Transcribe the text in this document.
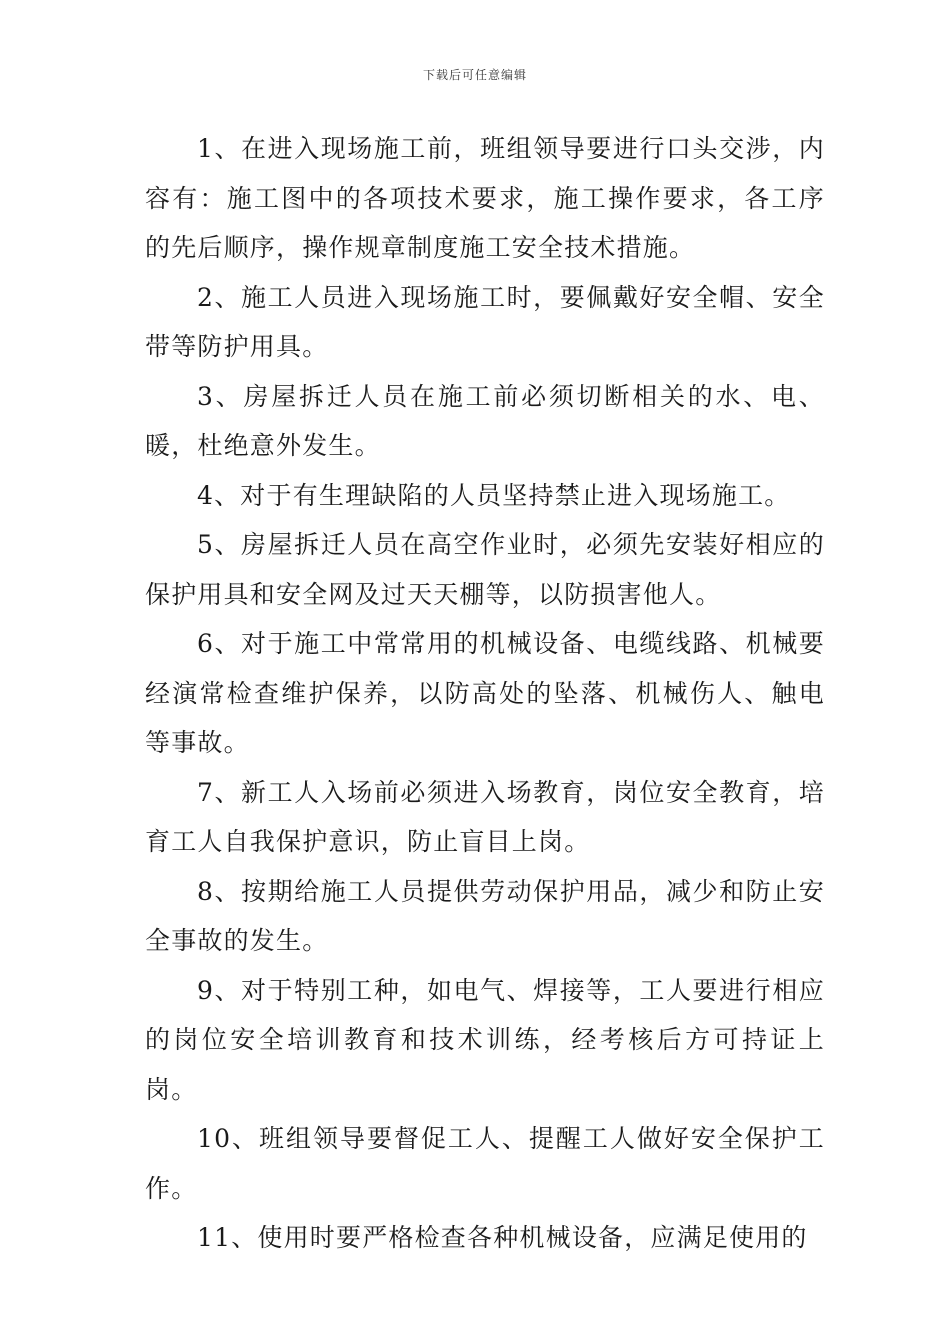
下载后可任意编辑

1、在进入现场施工前，班组领导要进行口头交涉，内容有：施工图中的各项技术要求，施工操作要求，各工序的先后顺序，操作规章制度施工安全技术措施。

2、施工人员进入现场施工时，要佩戴好安全帽、安全带等防护用具。

3、房屋拆迁人员在施工前必须切断相关的水、电、暖，杜绝意外发生。

4、对于有生理缺陷的人员坚持禁止进入现场施工。

5、房屋拆迁人员在高空作业时，必须先安装好相应的保护用具和安全网及过天天棚等，以防损害他人。

6、对于施工中常常用的机械设备、电缆线路、机械要经演常检查维护保养，以防高处的坠落、机械伤人、触电等事故。

7、新工人入场前必须进入场教育，岗位安全教育，培育工人自我保护意识，防止盲目上岗。

8、按期给施工人员提供劳动保护用品，减少和防止安全事故的发生。

9、对于特别工种，如电气、焊接等，工人要进行相应的岗位安全培训教育和技术训练，经考核后方可持证上岗。

10、班组领导要督促工人、提醒工人做好安全保护工作。

11、使用时要严格检查各种机械设备，应满足使用的
